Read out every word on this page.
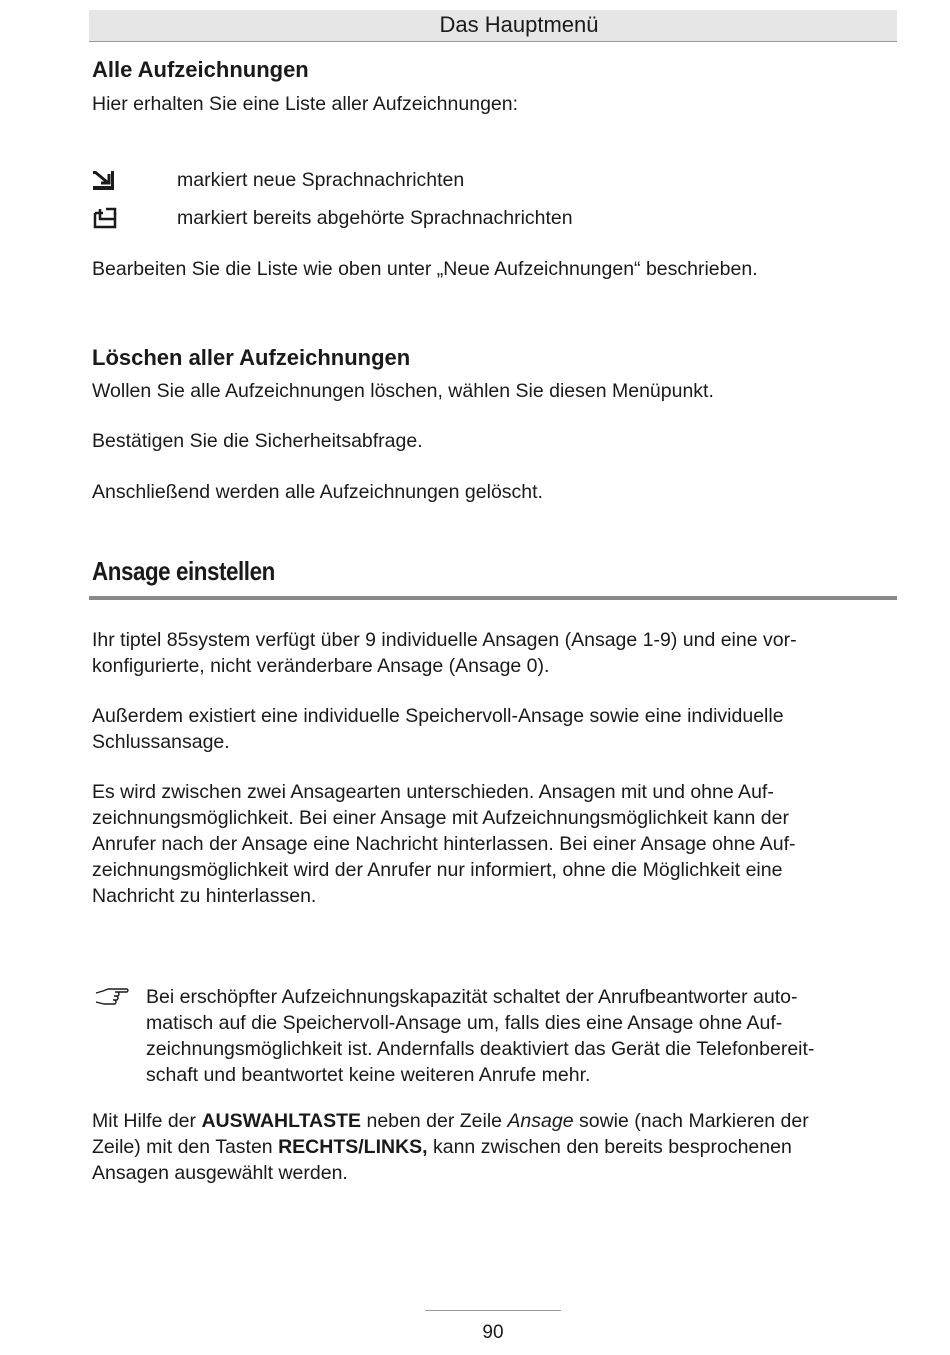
Das Hauptmenü
Alle Aufzeichnungen
Hier erhalten Sie eine Liste aller Aufzeichnungen:
markiert neue Sprachnachrichten
markiert bereits abgehörte Sprachnachrichten
Bearbeiten Sie die Liste wie oben unter „Neue Aufzeichnungen“ beschrieben.
Löschen aller Aufzeichnungen
Wollen Sie alle Aufzeichnungen löschen, wählen Sie diesen Menüpunkt.
Bestätigen Sie die Sicherheitsabfrage.
Anschließend werden alle Aufzeichnungen gelöscht.
Ansage einstellen
Ihr tiptel 85system verfügt über 9 individuelle Ansagen (Ansage 1-9) und eine vor-
konfigurierte, nicht veränderbare Ansage (Ansage 0).
Außerdem existiert eine individuelle Speichervoll-Ansage sowie eine individuelle
Schlussansage.
Es wird zwischen zwei Ansagearten unterschieden. Ansagen mit und ohne Auf-
zeichnungsmöglichkeit. Bei einer Ansage mit Aufzeichnungsmöglichkeit kann der
Anrufer nach der Ansage eine Nachricht hinterlassen. Bei einer Ansage ohne Auf-
zeichnungsmöglichkeit wird der Anrufer nur informiert, ohne die Möglichkeit eine
Nachricht zu hinterlassen.
Bei erschöpfter Aufzeichnungskapazität schaltet der Anrufbeantworter auto-
matisch auf die Speichervoll-Ansage um, falls dies eine Ansage ohne Auf-
zeichnungsmöglichkeit ist. Andernfalls deaktiviert das Gerät die Telefonbereit-
schaft und beantwortet keine weiteren Anrufe mehr.
Mit Hilfe der AUSWAHLTASTE neben der Zeile Ansage sowie (nach Markieren der
Zeile) mit den Tasten RECHTS/LINKS, kann zwischen den bereits besprochenen
Ansagen ausgewählt werden.
90
